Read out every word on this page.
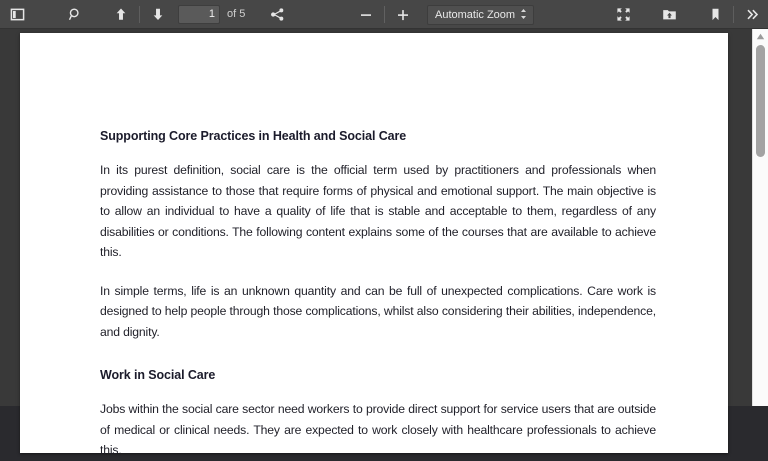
1
of 5	Automatic Zoom
Supporting Core Practices in Health and Social Care

In its purest definition, social care is the official term used by practitioners and professionals when providing assistance to those that require forms of physical and emotional support. The main objective is to allow an individual to have a quality of life that is stable and acceptable to them, regardless of any disabilities or conditions. The following content explains some of the courses that are available to achieve this.

In simple terms, life is an unknown quantity and can be full of unexpected complications. Care work is designed to help people through those complications, whilst also considering their abilities, independence, and dignity.

Work in Social Care

Jobs within the social care sector need workers to provide direct support for service users that are outside of medical or clinical needs. They are expected to work closely with healthcare professionals to achieve this.
